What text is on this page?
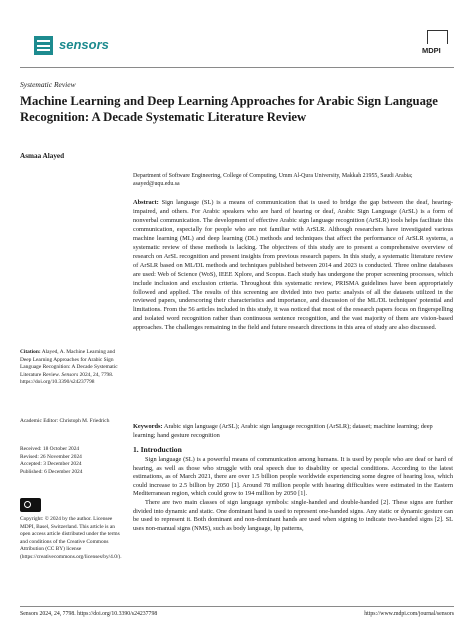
sensors	MDPI
Systematic Review
Machine Learning and Deep Learning Approaches for Arabic Sign Language Recognition: A Decade Systematic Literature Review
Asmaa Alayed
Department of Software Engineering, College of Computing, Umm Al-Qura University, Makkah 21955, Saudi Arabia; asayed@uqu.edu.sa
Abstract: Sign language (SL) is a means of communication that is used to bridge the gap between the deaf, hearing-impaired, and others. For Arabic speakers who are hard of hearing or deaf, Arabic Sign Language (ArSL) is a form of nonverbal communication. The development of effective Arabic sign language recognition (ArSLR) tools helps facilitate this communication, especially for people who are not familiar with ArSLR. Although researchers have investigated various machine learning (ML) and deep learning (DL) methods and techniques that affect the performance of ArSLR systems, a systematic review of these methods is lacking. The objectives of this study are to present a comprehensive overview of research on ArSL recognition and present insights from previous research papers. In this study, a systematic literature review of ArSLR based on ML/DL methods and techniques published between 2014 and 2023 is conducted. Three online databases are used: Web of Science (WoS), IEEE Xplore, and Scopus. Each study has undergone the proper screening processes, which include inclusion and exclusion criteria. Throughout this systematic review, PRISMA guidelines have been appropriately followed and applied. The results of this screening are divided into two parts: analysis of all the datasets utilized in the reviewed papers, underscoring their characteristics and importance, and discussion of the ML/DL techniques' potential and limitations. From the 56 articles included in this study, it was noticed that most of the research papers focus on fingerspelling and isolated word recognition rather than continuous sentence recognition, and the vast majority of them are vision-based approaches. The challenges remaining in the field and future research directions in this area of study are also discussed.
Keywords: Arabic sign language (ArSL); Arabic sign language recognition (ArSLR); dataset; machine learning; deep learning; hand gesture recognition
Citation: Alayed, A. Machine Learning and Deep Learning Approaches for Arabic Sign Language Recognition: A Decade Systematic Literature Review. Sensors 2024, 24, 7798. https://doi.org/10.3390/s24237798
Academic Editor: Christoph M. Friedrich
Received: 18 October 2024
Revised: 26 November 2024
Accepted: 3 December 2024
Published: 6 December 2024
Copyright: © 2024 by the author. Licensee MDPI, Basel, Switzerland. This article is an open access article distributed under the terms and conditions of the Creative Commons Attribution (CC BY) license (https://creativecommons.org/licenses/by/4.0/).
1. Introduction

Sign language (SL) is a powerful means of communication among humans. It is used by people who are deaf or hard of hearing, as well as those who struggle with oral speech due to disability or special conditions. According to the latest estimations, as of March 2021, there are over 1.5 billion people worldwide experiencing some degree of hearing loss, which could increase to 2.5 billion by 2050 [1]. Around 78 million people with hearing difficulties were estimated in the Eastern Mediterranean region, which could grow to 194 million by 2050 [1].

There are two main classes of sign language symbols: single-handed and double-handed [2]. These signs are further divided into dynamic and static. One dominant hand is used to represent one-handed signs. Any static or dynamic gesture can be used to represent it. Both dominant and non-dominant hands are used when signing to indicate two-handed signs [2]. SL uses non-manual signs (NMS), such as body language, lip patterns,

Sensors 2024, 24, 7798. https://doi.org/10.3390/s24237798	https://www.mdpi.com/journal/sensors
